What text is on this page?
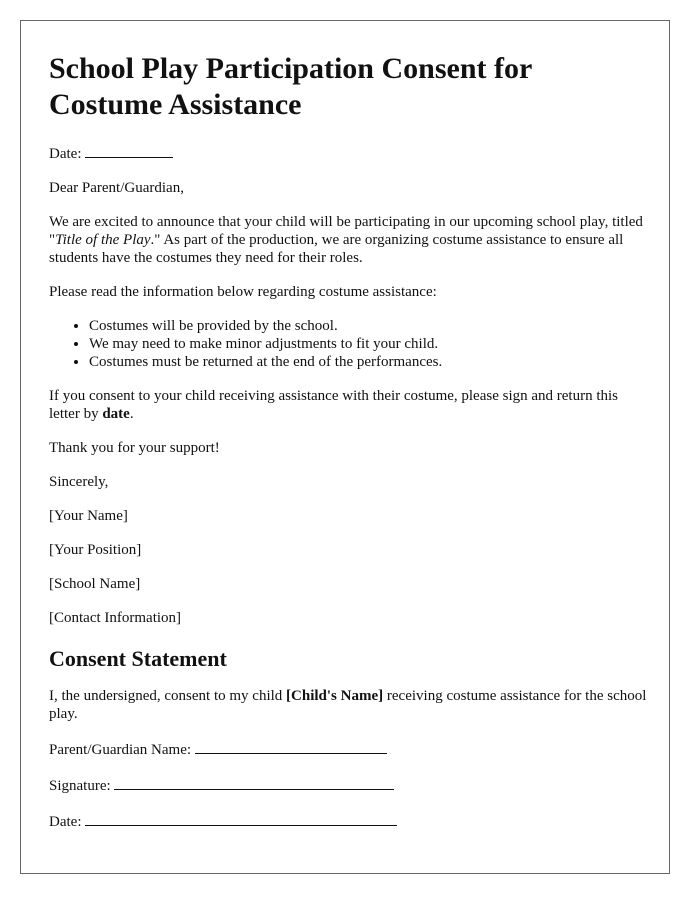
School Play Participation Consent for Costume Assistance

Date:

Dear Parent/Guardian,

We are excited to announce that your child will be participating in our upcoming school play, titled "Title of the Play." As part of the production, we are organizing costume assistance to ensure all students have the costumes they need for their roles.

Please read the information below regarding costume assistance:

• Costumes will be provided by the school.
• We may need to make minor adjustments to fit your child.
• Costumes must be returned at the end of the performances.

If you consent to your child receiving assistance with their costume, please sign and return this letter by date.

Thank you for your support!

Sincerely,

[Your Name]

[Your Position]

[School Name]

[Contact Information]

Consent Statement

I, the undersigned, consent to my child [Child's Name] receiving costume assistance for the school play.

Parent/Guardian Name:

Signature:

Date:
